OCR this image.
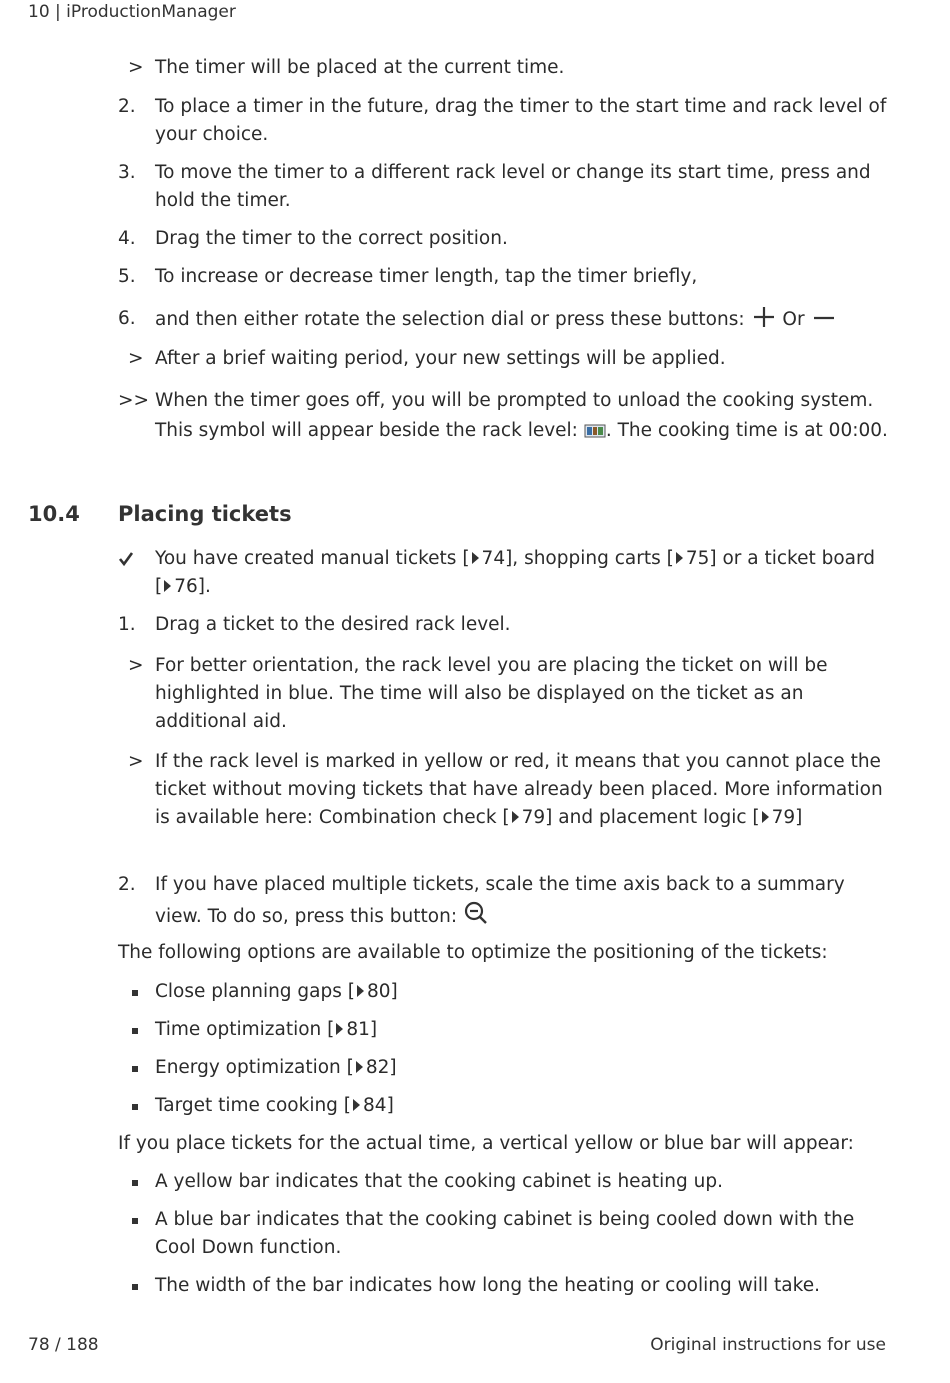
10 | iProductionManager
> The timer will be placed at the current time.
2.	To place a timer in the future, drag the timer to the start time and rack level of your choice.
3.	To move the timer to a different rack level or change its start time, press and hold the timer.
4.	Drag the timer to the correct position.
5.	To increase or decrease timer length, tap the timer briefly,
6.	and then either rotate the selection dial or press these buttons: Or
> After a brief waiting period, your new settings will be applied.
>> When the timer goes off, you will be prompted to unload the cooking system. This symbol will appear beside the rack level: . The cooking time is at 00:00.
10.4 Placing tickets
You have created manual tickets [ 74], shopping carts [ 75] or a ticket board [ 76].
1.	Drag a ticket to the desired rack level.
> For better orientation, the rack level you are placing the ticket on will be highlighted in blue. The time will also be displayed on the ticket as an additional aid.
> If the rack level is marked in yellow or red, it means that you cannot place the ticket without moving tickets that have already been placed. More information is available here: Combination check [ 79] and placement logic [ 79]
2.	If you have placed multiple tickets, scale the time axis back to a summary view. To do so, press this button:
The following options are available to optimize the positioning of the tickets:
Close planning gaps [ 80]
Time optimization [ 81]
Energy optimization [ 82]
Target time cooking [ 84]
If you place tickets for the actual time, a vertical yellow or blue bar will appear:
A yellow bar indicates that the cooking cabinet is heating up.
A blue bar indicates that the cooking cabinet is being cooled down with the Cool Down function.
The width of the bar indicates how long the heating or cooling will take.
78 / 188	Original instructions for use
